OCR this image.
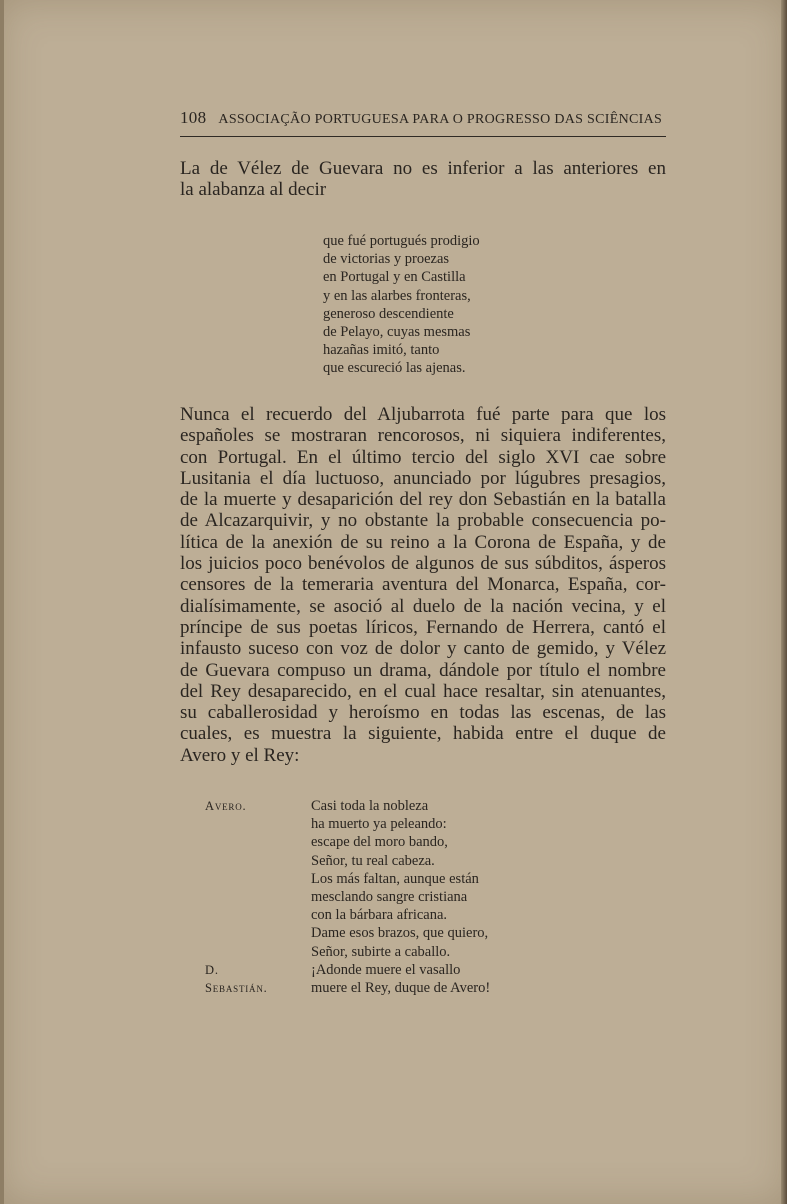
108 ASSOCIAÇÃO PORTUGUESA PARA O PROGRESSO DAS SCIÊNCIAS

La de Vélez de Guevara no es inferior a las anteriores en
la alabanza al decir

que fué portugués prodigio
de victorias y proezas
en Portugal y en Castilla
y en las alarbes fronteras,
generoso descendiente
de Pelayo, cuyas mesmas
hazañas imitó, tanto
que escureció las ajenas.

Nunca el recuerdo del Aljubarrota fué parte para que los
españoles se mostraran rencorosos, ni siquiera indiferentes,
con Portugal. En el último tercio del siglo XVI cae sobre
Lusitania el día luctuoso, anunciado por lúgubres presagios,
de la muerte y desaparición del rey don Sebastián en la batalla
de Alcazarquivir, y no obstante la probable consecuencia po-
lítica de la anexión de su reino a la Corona de España, y de
los juicios poco benévolos de algunos de sus súbditos, ásperos
censores de la temeraria aventura del Monarca, España, cor-
dialísimamente, se asoció al duelo de la nación vecina, y el
príncipe de sus poetas líricos, Fernando de Herrera, cantó el
infausto suceso con voz de dolor y canto de gemido, y Vélez
de Guevara compuso un drama, dándole por título el nombre
del Rey desaparecido, en el cual hace resaltar, sin atenuantes,
su caballerosidad y heroísmo en todas las escenas, de las
cuales, es muestra la siguiente, habida entre el duque de
Avero y el Rey:

Avero.	Casi toda la nobleza
ha muerto ya peleando:
escape del moro bando,
Señor, tu real cabeza.
Los más faltan, aunque están
mesclando sangre cristiana
con la bárbara africana.
Dame esos brazos, que quiero,
Señor, subirte a caballo.
D. Sebastián.
¡Adonde muere el vasallo
muere el Rey, duque de Avero!
